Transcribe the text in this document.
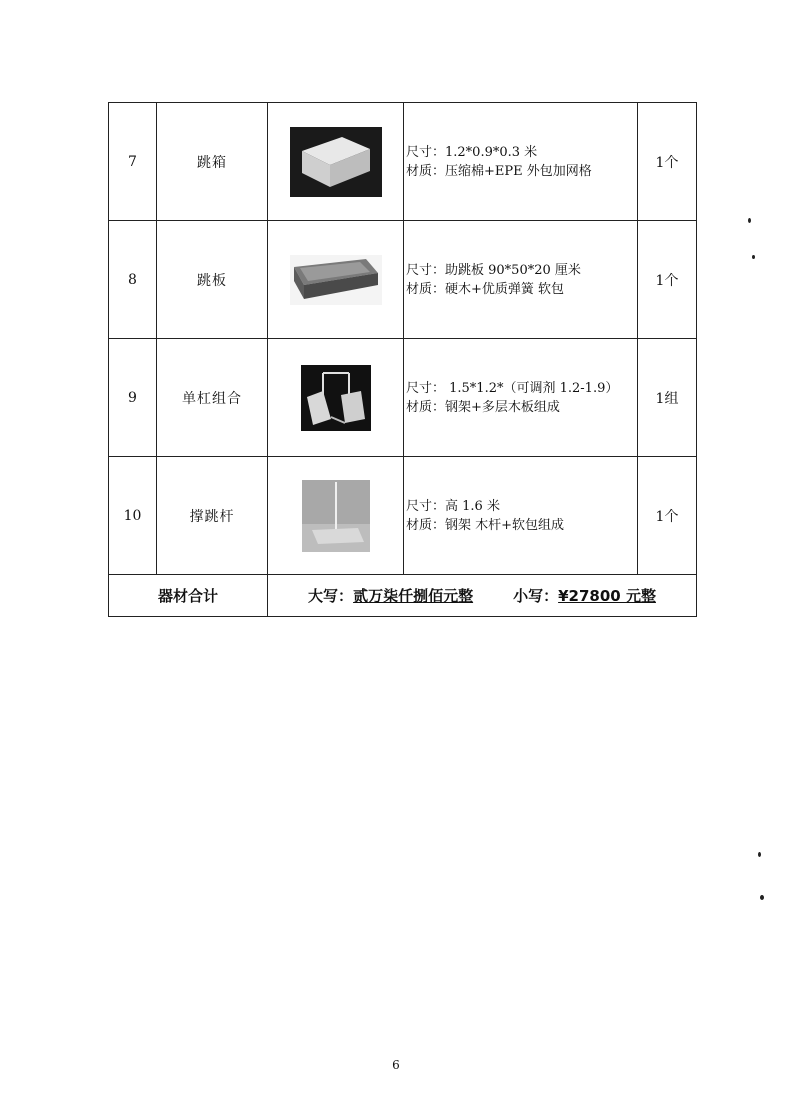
7	跳箱		尺寸：1.2*0.9*0.3 米
材质：压缩棉+EPE 外包加网格	1个
8	跳板		尺寸：助跳板 90*50*20 厘米
材质：硬木+优质弹簧 软包	1个
9	单杠组合		尺寸： 1.5*1.2*（可调剂 1.2-1.9）
材质：钢架+多层木板组成	1组
10	撑跳杆		尺寸：高 1.6 米
材质：钢架 木杆+软包组成	1个
器材合计		大写：贰万柒仟捌佰元整 小写：¥27800 元整		
6
